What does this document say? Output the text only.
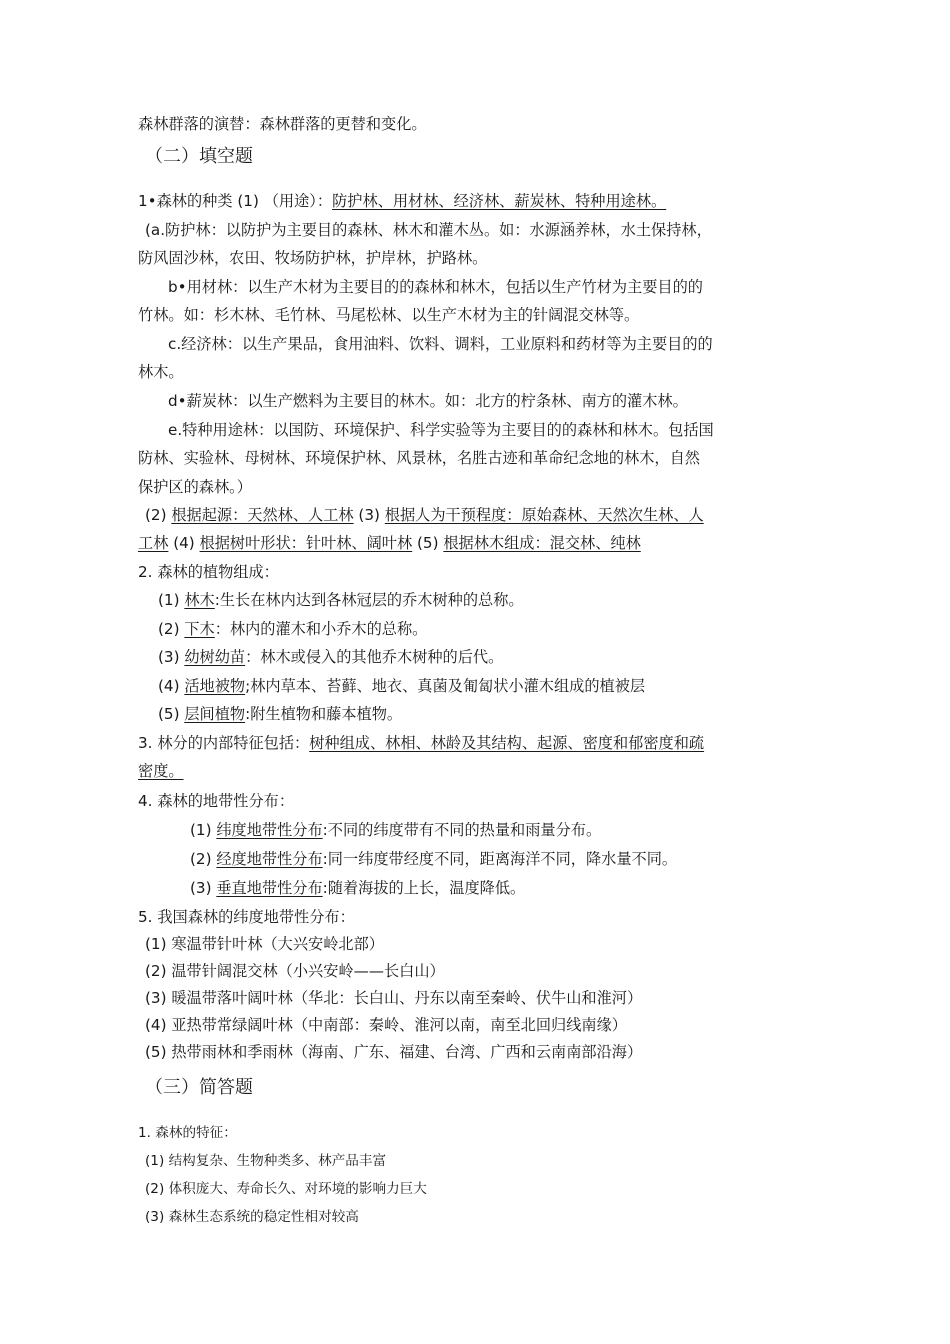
森林群落的演替：森林群落的更替和变化。
（二）填空题
1•森林的种类 (1) （用途）：防护林、用材林、经济林、薪炭林、特种用途林。
(a.防护林：以防护为主要目的森林、林木和灌木丛。如：水源涵养林，水土保持林，
防风固沙林，农田、牧场防护林，护岸林，护路林。
b•用材林：以生产木材为主要目的的森林和林木，包括以生产竹材为主要目的的
竹林。如：杉木林、毛竹林、马尾松林、以生产木材为主的针阔混交林等。
c.经济林：以生产果品，食用油料、饮料、调料，工业原料和药材等为主要目的的
林木。
d•薪炭林：以生产燃料为主要目的林木。如：北方的柠条林、南方的灌木林。
e.特种用途林：以国防、环境保护、科学实验等为主要目的的森林和林木。包括国
防林、实验林、母树林、环境保护林、风景林，名胜古迹和革命纪念地的林木，自然
保护区的森林。）
(2) 根据起源：天然林、人工林 (3) 根据人为干预程度：原始森林、天然次生林、人
工林 (4) 根据树叶形状：针叶林、阔叶林 (5) 根据林木组成：混交林、纯林
2. 森林的植物组成：
(1) 林木:生长在林内达到各林冠层的乔木树种的总称。
(2) 下木：林内的灌木和小乔木的总称。
(3) 幼树幼苗：林木或侵入的其他乔木树种的后代。
(4) 活地被物;林内草本、苔藓、地衣、真菌及匍匐状小灌木组成的植被层
(5) 层间植物:附生植物和藤本植物。
3. 林分的内部特征包括：树种组成、林相、林龄及其结构、起源、密度和郁密度和疏
密度。
4. 森林的地带性分布：
(1) 纬度地带性分布:不同的纬度带有不同的热量和雨量分布。
(2) 经度地带性分布:同一纬度带经度不同，距离海洋不同，降水量不同。
(3) 垂直地带性分布:随着海拔的上长，温度降低。
5. 我国森林的纬度地带性分布：
(1) 寒温带针叶林（大兴安岭北部）
(2) 温带针阔混交林（小兴安岭——长白山）
(3) 暖温带落叶阔叶林（华北：长白山、丹东以南至秦岭、伏牛山和淮河）
(4) 亚热带常绿阔叶林（中南部：秦岭、淮河以南，南至北回归线南缘）
(5) 热带雨林和季雨林（海南、广东、福建、台湾、广西和云南南部沿海）
（三）简答题
1. 森林的特征：
(1) 结构复杂、生物种类多、林产品丰富
(2) 体积庞大、寿命长久、对环境的影响力巨大
(3) 森林生态系统的稳定性相对较高
